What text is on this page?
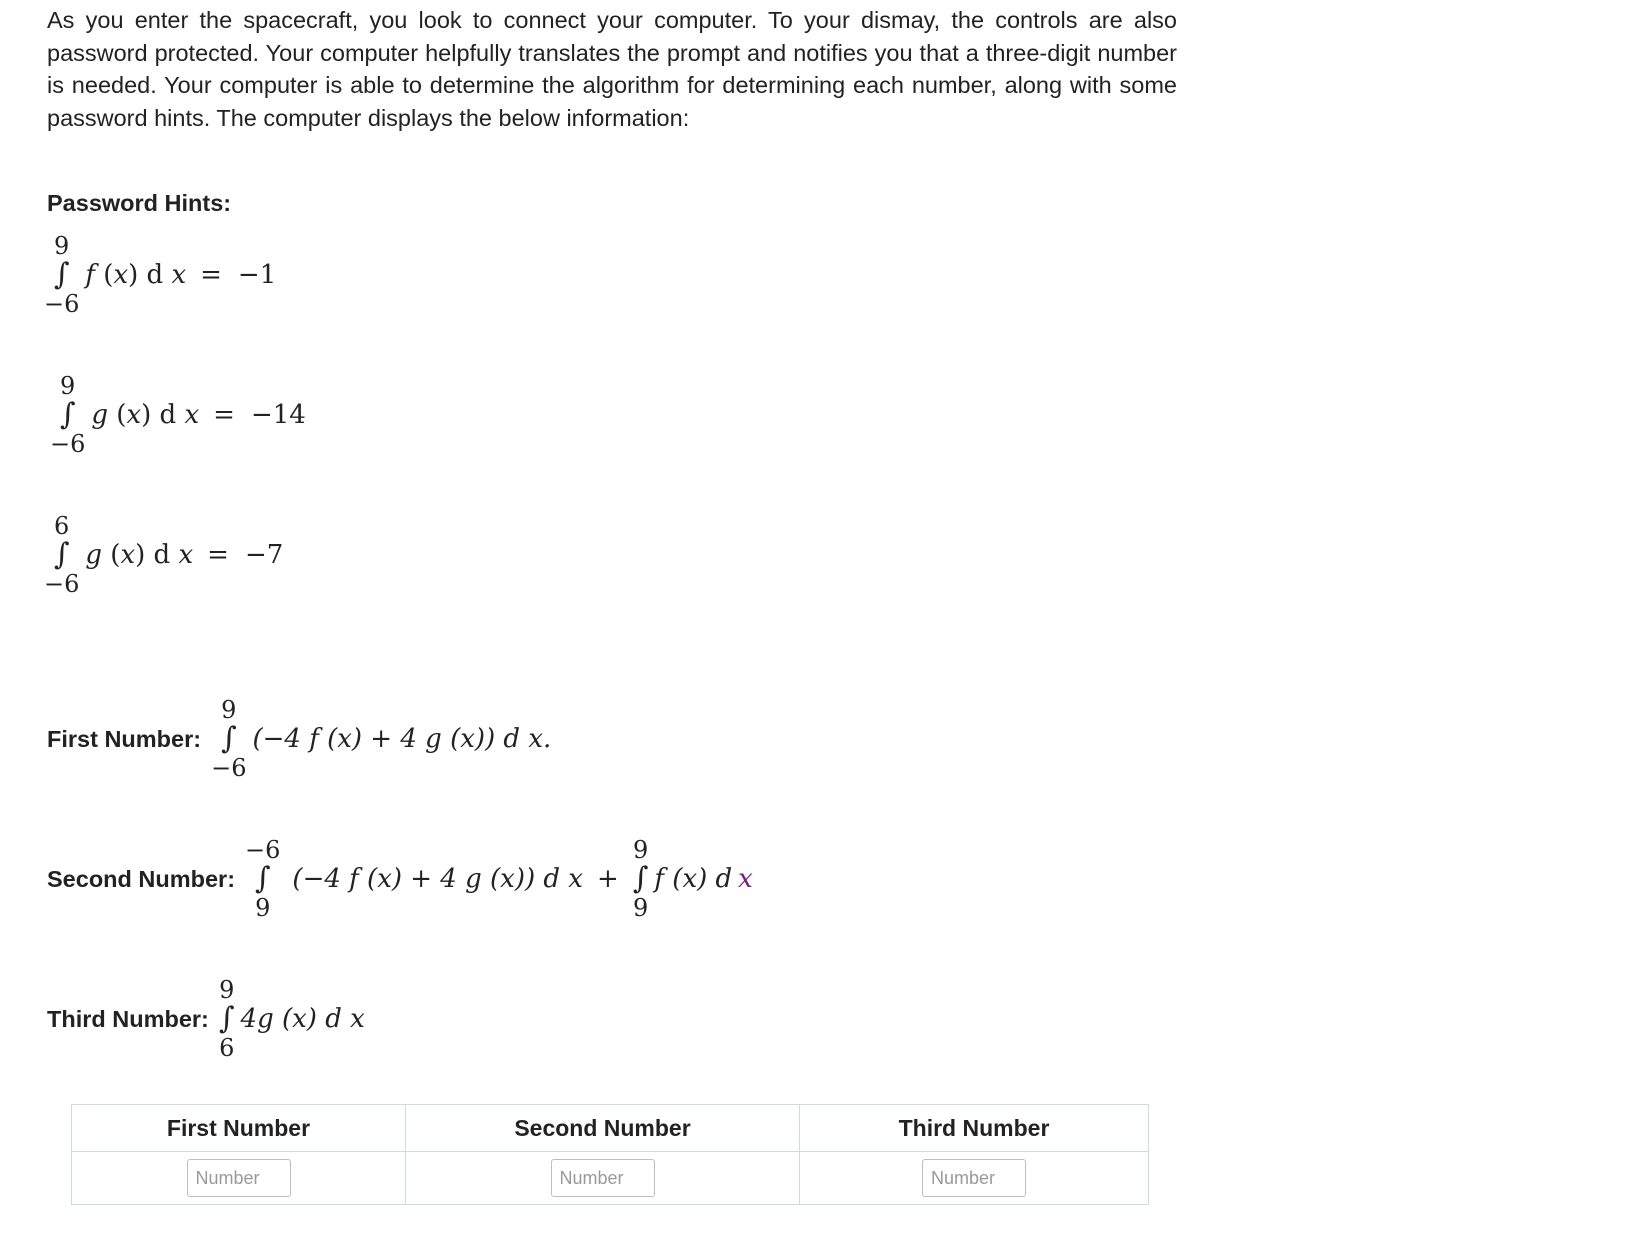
As you enter the spacecraft, you look to connect your computer. To your dismay, the controls are also password protected. Your computer helpfully translates the prompt and notifies you that a three-digit number is needed. Your computer is able to determine the algorithm for determining each number, along with some password hints. The computer displays the below information:

Password Hints:

9
∫
−6
f (x) d x = −1
9
∫
−6
g (x) d x = −14
6
∫
−6
g (x) d x = −7
First Number:
9
∫
−6
(−4 f (x) + 4 g (x)) d x.
Second Number:
−6
∫
9
(−4 f (x) + 4 g (x)) d x +
9
∫
9
f (x) d x
Third Number:
9
∫
6
4g (x) d x
First Number	Second Number	Third Number
Number	Number	Number
